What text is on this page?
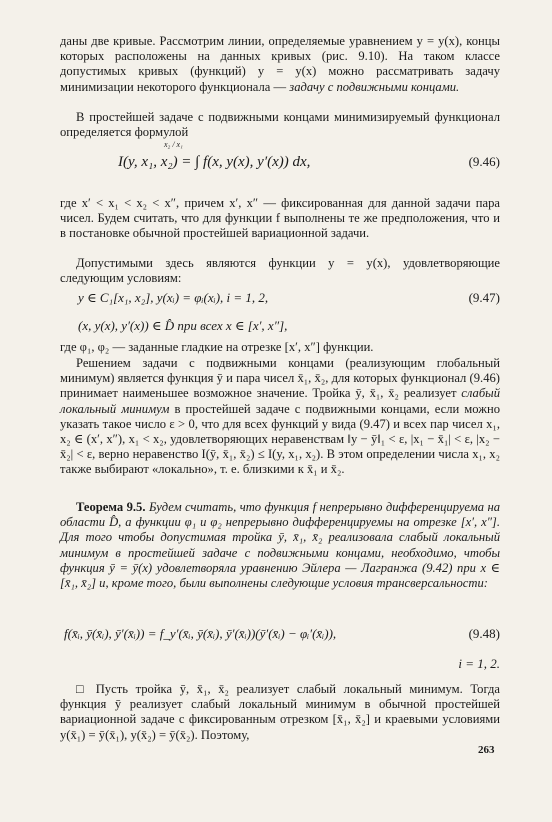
даны две кривые. Рассмотрим линии, определяемые уравнением y = y(x), концы которых расположены на данных кривых (рис. 9.10). На таком классе допустимых кривых (функций) y = y(x) можно рассматривать задачу минимизации некоторого функционала — задачу с подвижными концами.

В простейшей задаче с подвижными концами минимизируемый функционал определяется формулой

I(y, x₁, x₂) = ∫ f(x, y(x), y′(x)) dx,
x₂ / x₁
(9.46)

где x′ < x₁ < x₂ < x″, причем x′, x″ — фиксированная для данной задачи пара чисел. Будем считать, что для функции f выполнены те же предположения, что и в постановке обычной простейшей вариационной задачи.

Допустимыми здесь являются функции y = y(x), удовлетворяющие следующим условиям:

y ∈ C₁[x₁, x₂], y(xᵢ) = φᵢ(xᵢ), i = 1, 2,	(9.47)
(x, y(x), y′(x)) ∈ D̂ при всех x ∈ [x′, x″],

где φ₁, φ₂ — заданные гладкие на отрезке [x′, x″] функции.

Решением задачи с подвижными концами (реализующим глобальный минимум) является функция ȳ и пара чисел x̄₁, x̄₂, для которых функционал (9.46) принимает наименьшее возможное значение. Тройка ȳ, x̄₁, x̄₂ реализует слабый локальный минимум в простейшей задаче с подвижными концами, если можно указать такое число ε > 0, что для всех функций y вида (9.47) и всех пар чисел x₁, x₂ ∈ (x′, x″), x₁ < x₂, удовлетворяющих неравенствам ‖y − ȳ‖₁ < ε, |x₁ − x̄₁| < ε, |x₂ − x̄₂| < ε, верно неравенство I(ȳ, x̄₁, x̄₂) ≤ I(y, x₁, x₂). В этом определении числа x₁, x₂ также выбирают «локально», т. е. близкими к x̄₁ и x̄₂.

Теорема 9.5. Будем считать, что функция f непрерывно дифференцируема на области D̂, а функции φ₁ и φ₂ непрерывно дифференцируемы на отрезке [x′, x″]. Для того чтобы допустимая тройка ȳ, x̄₁, x̄₂ реализовала слабый локальный минимум в простейшей задаче с подвижными концами, необходимо, чтобы функция ȳ = ȳ(x) удовлетворяла уравнению Эйлера — Лагранжа (9.42) при x ∈ [x̄₁, x̄₂] и, кроме того, были выполнены следующие условия трансверсальности:

f(x̄ᵢ, ȳ(x̄ᵢ), ȳ′(x̄ᵢ)) = f_y′(x̄ᵢ, ȳ(x̄ᵢ), ȳ′(x̄ᵢ))(ȳ′(x̄ᵢ) − φᵢ′(x̄ᵢ)),	(9.48)
i = 1, 2.

□ Пусть тройка ȳ, x̄₁, x̄₂ реализует слабый локальный минимум. Тогда функция ȳ реализует слабый локальный минимум в обычной простейшей вариационной задаче с фиксированным отрезком [x̄₁, x̄₂] и краевыми условиями y(x̄₁) = ȳ(x̄₁), y(x̄₂) = ȳ(x̄₂). Поэтому,

263
